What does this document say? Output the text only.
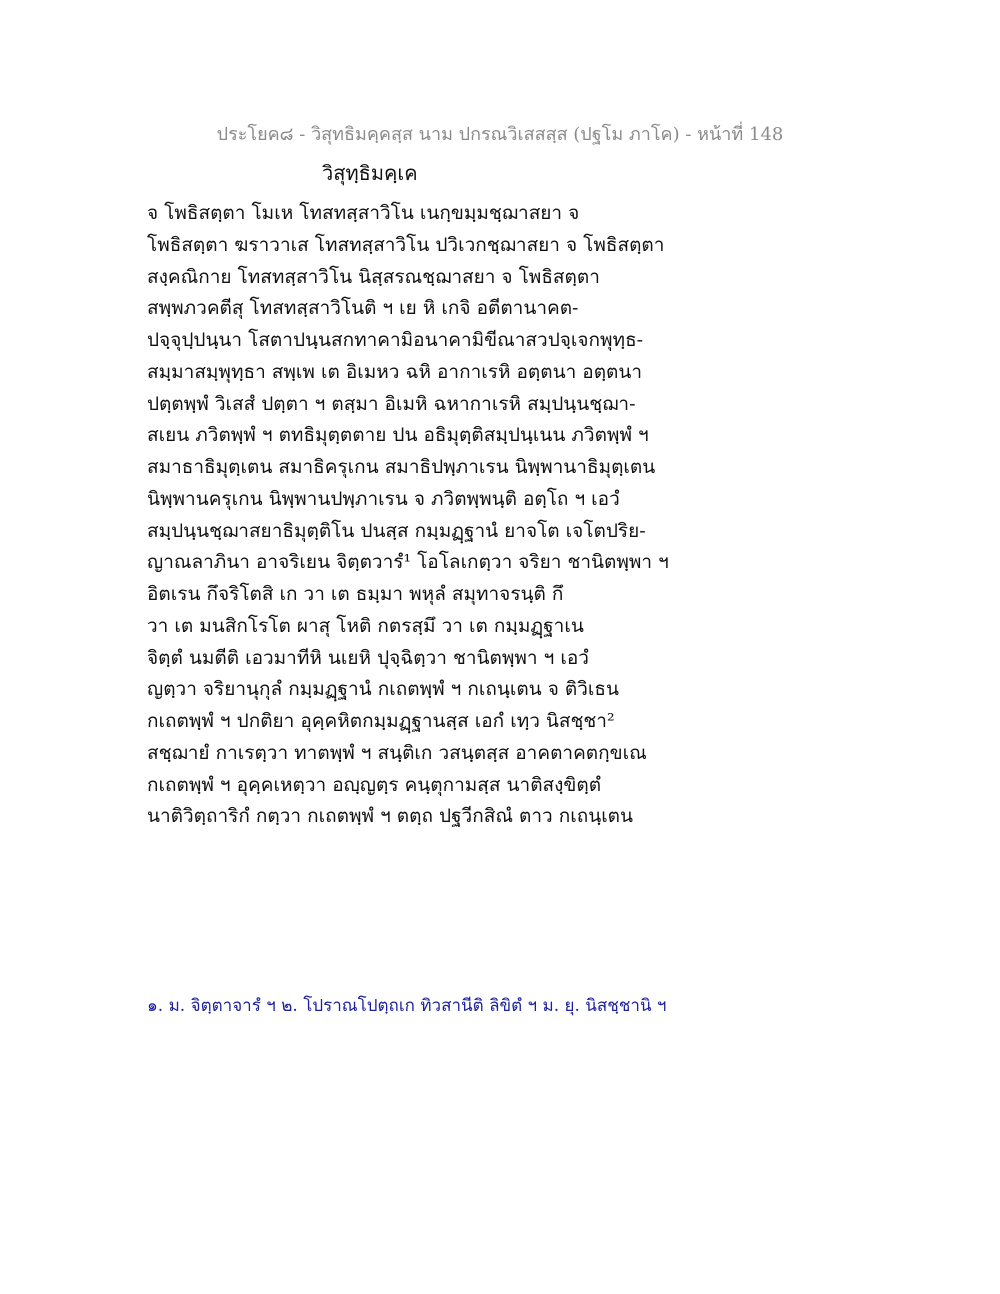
ประโยค๘ - วิสุทธิมคฺคสฺส นาม ปกรณวิเสสสฺส (ปฐโม ภาโค) - หน้าที่ 148
วิสุทฺธิมคฺเค
จ โพธิสตฺตา โมเห โทสทสฺสาวิโน เนกฺขมฺมชฺฌาสยา จ
โพธิสตฺตา ฆราวาเส โทสทสฺสาวิโน ปวิเวกชฺฌาสยา จ โพธิสตฺตา
สงฺคณิกาย โทสทสฺสาวิโน นิสฺสรณชฺฌาสยา จ โพธิสตฺตา
สพฺพภวคตีสุ โทสทสฺสาวิโนติ ฯ เย หิ เกจิ อตีตานาคต-
ปจฺจุปฺปนฺนา โสตาปนฺนสกทาคามิอนาคามิขีณาสวปจฺเจกพุทฺธ-
สมฺมาสมฺพุทฺธา สพฺเพ เต อิเมหว ฉหิ อากาเรหิ อตฺตนา อตฺตนา
ปตฺตพฺพํ วิเสสํ ปตฺตา ฯ ตสฺมา อิเมหิ ฉหากาเรหิ สมฺปนฺนชฺฌา-
สเยน ภวิตพฺพํ ฯ ตทธิมุตฺตตาย ปน อธิมุตฺติสมฺปนฺเนน ภวิตพฺพํ ฯ
สมาธาธิมุตฺเตน สมาธิครุเกน สมาธิปพฺภาเรน นิพฺพานาธิมุตฺเตน
นิพฺพานครุเกน นิพฺพานปพฺภาเรน จ ภวิตพฺพนฺติ อตฺโถ ฯ เอวํ
สมฺปนฺนชฺฌาสยาธิมุตฺติโน ปนสฺส กมฺมฏฺฐานํ ยาจโต เจโตปริย-
ญาณลาภินา อาจริเยน จิตฺตวารํ¹ โอโลเกตฺวา จริยา ชานิตพฺพา ฯ
อิตเรน กึจริโตสิ เก วา เต ธมฺมา พหุลํ สมุทาจรนฺติ กึ
วา เต มนสิกโรโต ผาสุ โหติ กตรสฺมึ วา เต กมฺมฏฺฐาเน
จิตฺตํ นมตีติ เอวมาทีหิ นเยหิ ปุจฺฉิตฺวา ชานิตพฺพา ฯ เอวํ
ญตฺวา จริยานุกุลํ กมฺมฏฺฐานํ กเถตพฺพํ ฯ กเถนฺเตน จ ติวิเธน
กเถตพฺพํ ฯ ปกติยา อุคฺคหิตกมฺมฏฺฐานสฺส เอกํ เทฺว นิสชฺชา²
สชฺฌายํ กาเรตฺวา ทาตพฺพํ ฯ สนฺติเก วสนฺตสฺส อาคตาคตกฺขเณ
กเถตพฺพํ ฯ อุคฺคเหตฺวา อญฺญตฺร คนฺตุกามสฺส นาติสงฺขิตฺตํ
นาติวิตฺถาริกํ กตฺวา กเถตพฺพํ ฯ ตตฺถ ปฐวีกสิณํ ตาว กเถนฺเตน
๑. ม. จิตฺตาจารํ ฯ ๒. โปราณโปตฺถเก ทิวสานีติ ลิขิตํ ฯ ม. ยุ. นิสชฺชานิ ฯ
